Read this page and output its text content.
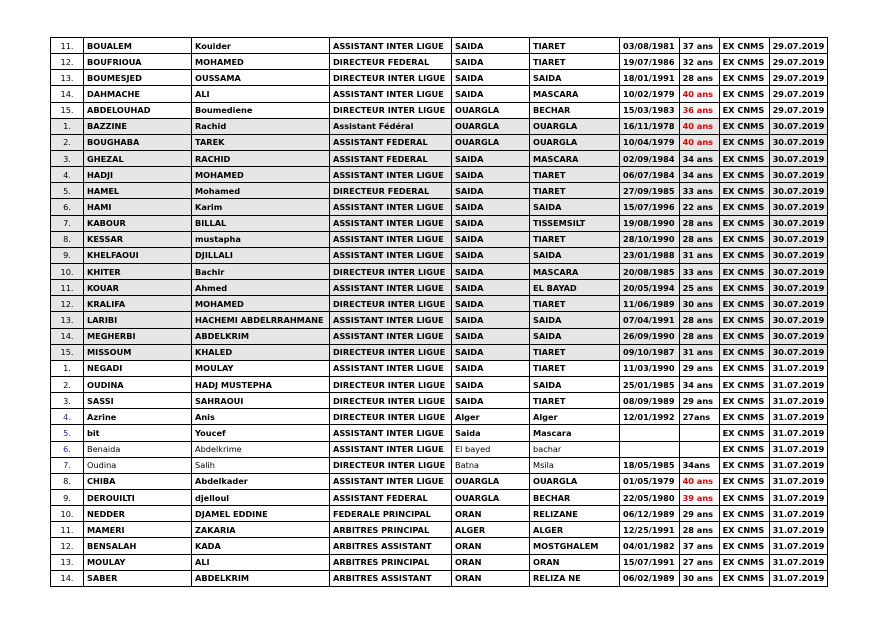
11.	BOUALEM	Kouider	ASSISTANT INTER LIGUE	SAIDA	TIARET	03/08/1981	37 ans	EX CNMS	29.07.2019
12.	BOUFRIOUA	MOHAMED	DIRECTEUR FEDERAL	SAIDA	TIARET	19/07/1986	32 ans	EX CNMS	29.07.2019
13.	BOUMESJED	OUSSAMA	DIRECTEUR INTER LIGUE	SAIDA	SAIDA	18/01/1991	28 ans	EX CNMS	29.07.2019
14.	DAHMACHE	ALI	ASSISTANT INTER LIGUE	SAIDA	MASCARA	10/02/1979	40 ans	EX CNMS	29.07.2019
15.	ABDELOUHAD	Boumediene	DIRECTEUR INTER LIGUE	OUARGLA	BECHAR	15/03/1983	36 ans	EX CNMS	29.07.2019
1.	BAZZINE	Rachid	Assistant Fédéral	OUARGLA	OUARGLA	16/11/1978	40 ans	EX CNMS	30.07.2019
2.	BOUGHABA	TAREK	ASSISTANT FEDERAL	OUARGLA	OUARGLA	10/04/1979	40 ans	EX CNMS	30.07.2019
3.	GHEZAL	RACHID	ASSISTANT FEDERAL	SAIDA	MASCARA	02/09/1984	34 ans	EX CNMS	30.07.2019
4.	HADJI	MOHAMED	ASSISTANT INTER LIGUE	SAIDA	TIARET	06/07/1984	34 ans	EX CNMS	30.07.2019
5.	HAMEL	Mohamed	DIRECTEUR FEDERAL	SAIDA	TIARET	27/09/1985	33 ans	EX CNMS	30.07.2019
6.	HAMI	Karim	ASSISTANT INTER LIGUE	SAIDA	SAIDA	15/07/1996	22 ans	EX CNMS	30.07.2019
7.	KABOUR	BILLAL	ASSISTANT INTER LIGUE	SAIDA	TISSEMSILT	19/08/1990	28 ans	EX CNMS	30.07.2019
8.	KESSAR	mustapha	ASSISTANT INTER LIGUE	SAIDA	TIARET	28/10/1990	28 ans	EX CNMS	30.07.2019
9.	KHELFAOUI	DJILLALI	ASSISTANT INTER LIGUE	SAIDA	SAIDA	23/01/1988	31 ans	EX CNMS	30.07.2019
10.	KHITER	Bachir	DIRECTEUR INTER LIGUE	SAIDA	MASCARA	20/08/1985	33 ans	EX CNMS	30.07.2019
11.	KOUAR	Ahmed	ASSISTANT INTER LIGUE	SAIDA	EL BAYAD	20/05/1994	25 ans	EX CNMS	30.07.2019
12.	KRALIFA	MOHAMED	DIRECTEUR INTER LIGUE	SAIDA	TIARET	11/06/1989	30 ans	EX CNMS	30.07.2019
13.	LARIBI	HACHEMI ABDELRRAHMANE	ASSISTANT INTER LIGUE	SAIDA	SAIDA	07/04/1991	28 ans	EX CNMS	30.07.2019
14.	MEGHERBI	ABDELKRIM	ASSISTANT INTER LIGUE	SAIDA	SAIDA	26/09/1990	28 ans	EX CNMS	30.07.2019
15.	MISSOUM	KHALED	DIRECTEUR INTER LIGUE	SAIDA	TIARET	09/10/1987	31 ans	EX CNMS	30.07.2019
1.	NEGADI	MOULAY	ASSISTANT INTER LIGUE	SAIDA	TIARET	11/03/1990	29 ans	EX CNMS	31.07.2019
2.	OUDINA	HADJ MUSTEPHA	DIRECTEUR INTER LIGUE	SAIDA	SAIDA	25/01/1985	34 ans	EX CNMS	31.07.2019
3.	SASSI	SAHRAOUI	DIRECTEUR INTER LIGUE	SAIDA	TIARET	08/09/1989	29 ans	EX CNMS	31.07.2019
4.	Azrine	Anis	DIRECTEUR INTER LIGUE	Alger	Alger	12/01/1992	27ans	EX CNMS	31.07.2019
5.	bit	Youcef	ASSISTANT INTER LIGUE	Saida	Mascara			EX CNMS	31.07.2019
6.	Benaida	Abdelkrime	ASSISTANT INTER LIGUE	El bayed	bachar			EX CNMS	31.07.2019
7.	Oudina	Salih	DIRECTEUR INTER LIGUE	Batna	Msila	18/05/1985	34ans	EX CNMS	31.07.2019
8.	CHIBA	Abdelkader	ASSISTANT INTER LIGUE	OUARGLA	OUARGLA	01/05/1979	40 ans	EX CNMS	31.07.2019
9.	DEROUILTI	djelloul	ASSISTANT FEDERAL	OUARGLA	BECHAR	22/05/1980	39 ans	EX CNMS	31.07.2019
10.	NEDDER	DJAMEL EDDINE	FEDERALE PRINCIPAL	ORAN	RELIZANE	06/12/1989	29 ans	EX CNMS	31.07.2019
11.	MAMERI	ZAKARIA	ARBITRES PRINCIPAL	ALGER	ALGER	12/25/1991	28 ans	EX CNMS	31.07.2019
12.	BENSALAH	KADA	ARBITRES ASSISTANT	ORAN	MOSTGHALEM	04/01/1982	37 ans	EX CNMS	31.07.2019
13.	MOULAY	ALI	ARBITRES PRINCIPAL	ORAN	ORAN	15/07/1991	27 ans	EX CNMS	31.07.2019
14.	SABER	ABDELKRIM	ARBITRES ASSISTANT	ORAN	RELIZA NE	06/02/1989	30 ans	EX CNMS	31.07.2019
